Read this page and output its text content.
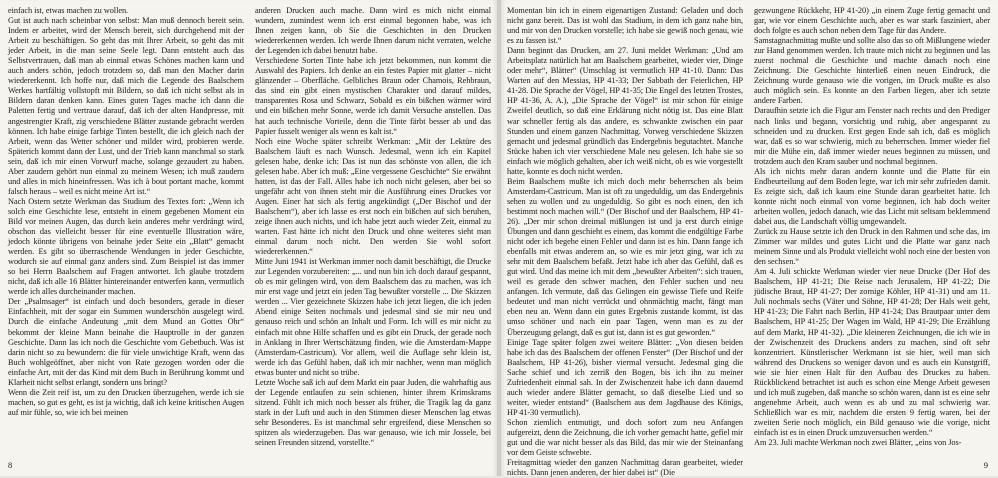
einfach ist, etwas machen zu wollen.

Gut ist auch nach scheinbar von selbst: Man muß dennoch bereit sein. Indem er arbeitet, wird der Mensch bereit, sich durchgehend mit der Arbeit zu beschäftigen. So geht das mit Ihrer Arbeit, so geht das mit jeder Arbeit, in die man seine Seele legt. Dann entsteht auch das Selbstvertrauen, daß man ab einmal etwas Schönes machen kann und auch anders schön, jedoch trotzdem so, daß man den Macher darin wiedererkennt. Ich hoffe nur, daß mich die Legende des Baalschem Werkes hartfältig vollstopft mit Bildern, so daß ich nicht selbst als in Bildern daran denken kann. Eines guten Tages mache ich dann die Paletten fertig und vertraue darauf, daß ich der alten Handpresse, mit angestrengter Kraft, zig verschiedene Blätter zustande gebracht werden können. Ich habe einige farbige Tinten bestellt, die ich gleich nach der Arbeit, wenn das Wetter schöner und milder wird, probieren werde. Späterich kommt dann der Lust, und der Trieb kann manchmal so stark sein, daß ich mir einen Vorwurf mache, solange gezaudert zu haben. Aber zaudern gehört nun einmal zu meinem Wesen; ich muß zaudern und alles in mich hineinfressen. Was ich à bout portant mache, kommt falsch heraus – weil es nicht meine Art ist.“

Nach Ostern setzte Werkman das Studium des Textes fort: „Wenn ich solch eine Geschichte lese, entsteht in einem gegebenen Moment ein Bild vor meinen Augen, das durch kein anderes mehr verdrängt wird, obschon das vielleicht besser für eine eventuelle Illustration wäre, jedoch könnte übrigens von beinahe jeder Seite ein „Blatt“ gemacht werden. Es gibt so überraschende Wendungen in jeder Geschichte, wodurch sie auf einmal ganz anders sind. Zum Beispiel ist das immer so bei Herrn Baalschem auf Fragen antwortet. Ich glaube trotzdem nicht, daß ich alle 16 Blätter hintereinander entwerfen kann, vermutlich werde ich alles durcheinander machen.

Der „Psalmsager“ ist einfach und doch besonders, gerade in dieser Einfachheit, mit der sogar ein Summen wunderschön ausgelegt wird. Durch die einfache Andeutung „mit dem Mund an Gottes Ohr“ bekommt der kleine Mann beinahe die Hauptrolle in der ganzen Geschichte. Dann las ich noch die Geschichte vom Gebetbuch. Was ist darin nicht so zu bewundern: die für viele unwichtige Kraft, wenn das Buch wohlgeöffnet, aber nicht von Rate gezogen worden oder die einfache Art, mit der das Kind mit dem Buch in Berührung kommt und Klarheit nicht selbst erlangt, sondern uns bringt?

Wenn die Zeit reif ist, um zu den Drucken überzugehen, werde ich sie machen, so gut es geht, es ist ja wichtig, daß ich keine kritischen Augen auf mir fühle, so, wie ich bei meinen

anderen Drucken auch mache. Dann wird es mich nicht einmal wundern, zumindest wenn ich erst einmal begonnen habe, was ich Ihnen zeigen kann, ob Sie die Geschichten in den Drucken wiedererkennen werden. Ich werde Ihnen darum nicht verraten, welche der Legenden ich dabei benutzt habe.

Verschiedene Sorten Tinte habe ich jetzt bekommen, nun kommt die Auswahl des Papiers. Ich denke an ein festes Papier mit glatter – nicht glänzender – Oberfläche. Gelbliches Braun oder Chamois, Rehbraun, das sind ein gibt einen mystischen Charakter und darauf mildes, transparentes Rosa und Schwarz, Sobald es ein bißchen wärmer wird und ein bißchen mehr Sonne, werde ich damit Versuche anstellen. Das hat auch technische Vorteile, denn die Tinte färbt besser ab und das Papier fusselt weniger als wenn es kalt ist.“

Noch eine Woche später schreibt Werkman: „Mit der Lektüre des Baalschem läuft es nach Wunsch. Jedesmal, wenn ich ein Kapitel gelesen habe, denke ich: Das ist nun das schönste von allen, die ich gelesen habe. Aber ich muß: „Eine vergessene Geschichte“ Sie erwähnt hatten, ist das der Fall. Alles habe ich noch nicht gelesen, aber bei so ungefähr acht von ihnen steht mir die Ausführung eines Druckes vor Augen. Einer hat sich als fertig angekündigt („Der Bischof und der Baalschem“), aber ich lasse es erst noch ein bißchen auf sich beruhen, zeige ihnen auch nichts, und ich habe jetzt auch wieder Zeit, einmal zu warten. Fast hätte ich nicht den Druck und ohne weiteres sieht man einmal darum noch nicht. Den werden Sie wohl sofort wiedererkennen.“

Mitte Juni 1941 ist Werkman immer noch damit beschäftigt, die Drucke zur Legenden vorzubereiten: „... und nun bin ich doch darauf gespannt, ob es mir gelingen wird, von dem Baalschem das zu machen, was ich mir erst vage und jetzt ein jeden Tag bewußter vorstelle ... Die Skizzen werden ... Vier gezeichnete Skizzen habe ich jetzt liegen, die ich jeden Abend einige Seiten nochmals und jedesmal sind sie mir neu und genauso reich und schön an Inhalt und Form. Ich will es mir nicht zu einfach mit ohne Hilfe schaffen und es gibt ein Druck, der gerade noch in Anklang in Ihrer Wertschätzung finden, wie die Amsterdam-Mappe (Amsterdam-Castricum). Vor allem, weil die Auflage sehr klein ist, werde ich das Gefühl haben, daß ich mir nachher, wenn man möglich etwas bunter und nicht so trübe.

Letzte Woche saß ich auf dem Markt ein paar Juden, die wahrhaftig aus der Legende entlaufen zu sein schienen, hinter ihrem Krimskrams sitzend. Fühlt ich mich noch besser als früher, die Tragik lag da ganz stark in der Luft und auch in den Stimmen dieser Menschen lag etwas sehr Besonderes. Es ist manchmal sehr ergreifend, diese Menschen so spitzen als wiederzugeben. Das war genauso, wie ich mir Jossele, bei seinen Freunden sitzend, vorstellte.“

8

Momentan bin ich in einem eigenartigen Zustand: Geladen und doch nicht ganz bereit. Das ist wohl das Stadium, in dem ich ganz nahe bin, und mir von den Drucken vorstelle; ich habe sie gewiß noch genau, wie es zu fassen ist.“

Dann beginnt das Drucken, am 27. Juni meldet Werkman: „Und am Arbeitsplatz natürlich hat am Baalschem gearbeitet, wieder vier, Dinge oder mehr“, Blätter“ (Umschlag ist vermutlich HP 41-10. Dann: Das Warten auf den Messias, HP 41-33; Der Sabbath der Feierlichen, HP 41-28. Die Sprache der Vögel, HP 41-35; Die Engel des letzten Trostes, HP 41-36, A. A.), „Die Sprache der Vögel“ ist mir schon für einige Zweifel deutlich, so daß eine Erklärung nicht nötig ist. Das eine Blatt war schneller fertig als das andere, es schwankte zwischen ein paar Stunden und einem ganzen Nachmittag. Vorweg verschiedene Skizzen gemacht und jedesmal gründlich das Endergebnis begutachtet. Manche Stücke haben ich vier verschiedene Male neu gelesen. Ich habe sie so einfach wie möglich gehalten, aber ich weiß nicht, ob es wie vorgestellt hatte, konnte es doch nicht werden.

Beim Baalschem mußte ich mich doch mehr beherrschen als beim Amsterdam-Castricum. Man ist oft zu ungeduldig, um das Endergebnis sehen zu wollen und zu ungeduldig. So gibt es noch einen, den ich bestimmt noch machen will.“ (Der Bischof und der Baalschem, HP 41-26). „Der mir schon dreimal mißlungen ist und ja erst durch einige Übungen und dann geschieht es einem, das kommt die endgültige Farbe nicht oder ich begehe einen Fehler und dann ist es hin. Dann fange ich ebenfalls mit etwas anderem an, so wie es mir jetzt ging, war ich zu sehr mit dem Baalschem befaßt. Jetzt habe ich aber das Gefühl, daß es gut wird. Und das meine ich mit dem „bewußter Arbeiten“: sich trauen, weil es gerade den schwer machen, den Fehler suchen und neu anfangen. Ich vermute, daß das Gelingen ein gewisse Tiefe und Reife bedeutet und man nicht verrückt und ohnmächtig macht, fängt man eben neu an. Wenn dann ein gutes Ergebnis zustande kommt, ist das umso schöner und nach ein paar Tagen, wenn man es zu der Überzeugung gelangt, daß es gut ist, dann ist es gut geworden.“

Einige Tage später folgen zwei weitere Blätter: „Von diesen beiden habe ich das des Baalschem der offenen Fenster“ (Der Bischof und der Baalschem, HP 41-26), bisher viermal versucht. Jedesmal ging die Sache schief und ich zerriß den Bogen, bis ich ihn zu meiner Zufriedenheit einmal sah. In der Zwischenzeit habe ich dann dauernd auch wieder andere Blätter gemacht, so daß dieselbe Lied und so weiter, wieder entstand“ (Baalschem aus dem Jagdhause des Königs, HP 41-30 vermutlich).

Schon ziemlich entmutigt, und doch sofort zum neu Anfangen aufgereizt, denn die Zeichnung, die ich vorher gemacht hatte, gefiel mir gut und die war nicht besser als das Bild, das mir wie der Steinanfang vor dem Geiste schwebte.

Freitagmittag wieder den ganzen Nachmittag daran gearbeitet, wieder nichts. Dann jenen anderen, der hier dabei ist“ (Die

gezwungene Rückkehr, HP 41-20) „in einem Zuge fertig gemacht und gar, wie vor einem Geschichte auch, aber es war stark fasziniert, aber doch folgte es auch schon neben dem Tage für das Andere.

Samstagnachmittag mußte und sollte also das so oft Mißlungene wieder zur Hand genommen werden. Ich traute mich nicht zu beginnen und las zuerst nochmal die Geschichte und machte danach noch eine Zeichnung. Die Geschichte hinterließ einen neuen Eindruck, die Zeichnung wurde genauso wie die vorigen, im Druck mußte es also auch möglich sein. Es konnte an den Farben liegen, aber ich setzte andere Farben.

Daraufhin setzte ich die Figur am Fenster nach rechts und den Prediger nach links und begann, vorsichtig und ruhig, aber angespannt zu schneiden und zu drucken. Erst gegen Ende sah ich, daß es möglich war, daß es so war schwierig, mich zu beherrschen. Immer wieder fiel mir die Mühe ein, daß immer wieder neues beginnen zu müssen, und trotzdem auch den Kram sauber und nochmal beginnen.

Als ich nichts mehr daran andern konnte und die Platte für ein Endbeurteilung auf dem Boden legte, war ich mir sehr zufrieden damit. Es zeigte sich, daß ich kaum eine Stunde daran gearbeitet hatte. Ich konnte nicht noch einmal von vorne beginnen, ich hab doch weiter arbeiten wollen, jedoch danach, wie das Licht mit seltsam beklemmend dabei aus, die Landschaft völlig umgewandelt.

Zurück zu Hause setzte ich den Druck in den Rahmen und sche das, im Zimmer war mildes und gutes Licht und die Platte war ganz nach meinem Sinne und als Produkt vielleicht wohl noch eine der besten von den sechsen.“

Am 4. Juli schickte Werkman wieder vier neue Drucke (Der Hof des Baalschem, HP 41-21; Die Reise nach Jerusalem, HP 41-22; Die jüdische Braut, HP 41-27; Der zornige Köhler, HP 41-31) und am 11. Juli nochmals sechs (Väter und Söhne, HP 41-28; Der Hals weit geht, HP 41-23; Die Fahrt nach Berlin, HP 41-24; Das Brautpaar unter dem Baalschem, HP 41-25; Der Wagen im Wald, HP 41-29; Die Erzählung auf dem Markt, HP 41-32). „Die kleineren Zeichnungen, die ich wie in der Zwischenzeit des Druckens anders zu machen, sind oft sehr konzentriert. Künstlerischer Werkmann ist sie hier, weil man sich während des Druckens so weniger davon und es auch ein Kunstgriff, wie sie hier einen Halt für den Aufbau des Druckes zu haben. Rückblickend betrachtet ist auch es schon eine Menge Arbeit gewesen und ich muß zugeben, daß manche so schön waren, dann ist es eine sehr angenehme Arbeit, auch wenn es ab und zu mal schwierig war. Schließlich war es mir, nachdem die ersten 9 fertig waren, bei der zweiten Serie noch möglich, ein Bild genauso wie die vorige, nicht einfach ist es in einen Druck umzuversuchen werden.“

Am 23. Juli machte Werkman noch zwei Blätter, „eins von Jos-

9
